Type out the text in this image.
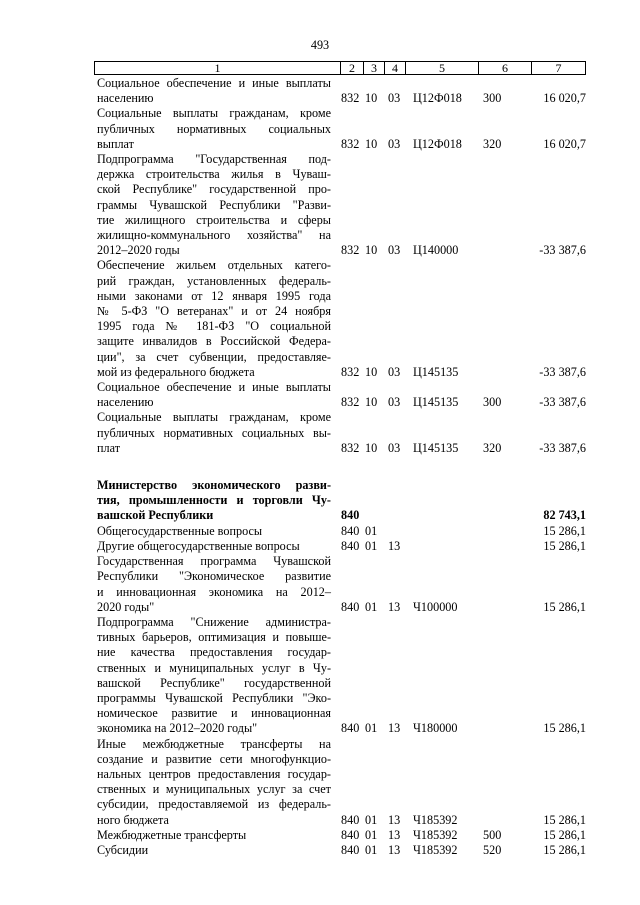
493
1	2	3	4	5	6	7
Социальное обеспечение и иные выплаты
населению	832 10 03 Ц12Ф018 300	16 020,7
Социальные выплаты гражданам, кроме
публичных нормативных социальных
выплат	832 10 03 Ц12Ф018 320	16 020,7
Подпрограмма "Государственная под-
держка строительства жилья в Чуваш-
ской Республике" государственной про-
граммы Чувашской Республики "Разви-
тие жилищного строительства и сферы
жилищно-коммунального хозяйства" на
2012–2020 годы	832 10 03 Ц140000	-33 387,6
Обеспечение жильем отдельных катего-
рий граждан, установленных федераль-
ными законами от 12 января 1995 года
№ 5-ФЗ "О ветеранах" и от 24 ноября
1995 года № 181-ФЗ "О социальной
защите инвалидов в Российской Федера-
ции", за счет субвенции, предоставляе-
мой из федерального бюджета	832 10 03 Ц145135	-33 387,6
Социальное обеспечение и иные выплаты
населению	832 10 03 Ц145135 300	-33 387,6
Социальные выплаты гражданам, кроме
публичных нормативных социальных вы-
плат	832 10 03 Ц145135 320	-33 387,6
Министерство экономического разви-
тия, промышленности и торговли Чу-
вашской Республики	840	82 743,1
Общегосударственные вопросы	840 01	15 286,1
Другие общегосударственные вопросы	840 01 13	15 286,1
Государственная программа Чувашской
Республики "Экономическое развитие
и инновационная экономика на 2012–
2020 годы"	840 01 13 Ч100000	15 286,1
Подпрограмма "Снижение администра-
тивных барьеров, оптимизация и повыше-
ние качества предоставления государ-
ственных и муниципальных услуг в Чу-
вашской Республике" государственной
программы Чувашской Республики "Эко-
номическое развитие и инновационная
экономика на 2012–2020 годы"	840 01 13 Ч180000	15 286,1
Иные межбюджетные трансферты на
создание и развитие сети многофункцио-
нальных центров предоставления государ-
ственных и муниципальных услуг за счет
субсидии, предоставляемой из федераль-
ного бюджета	840 01 13 Ч185392	15 286,1
Межбюджетные трансферты	840 01 13 Ч185392 500	15 286,1
Субсидии	840 01 13 Ч185392 520	15 286,1
